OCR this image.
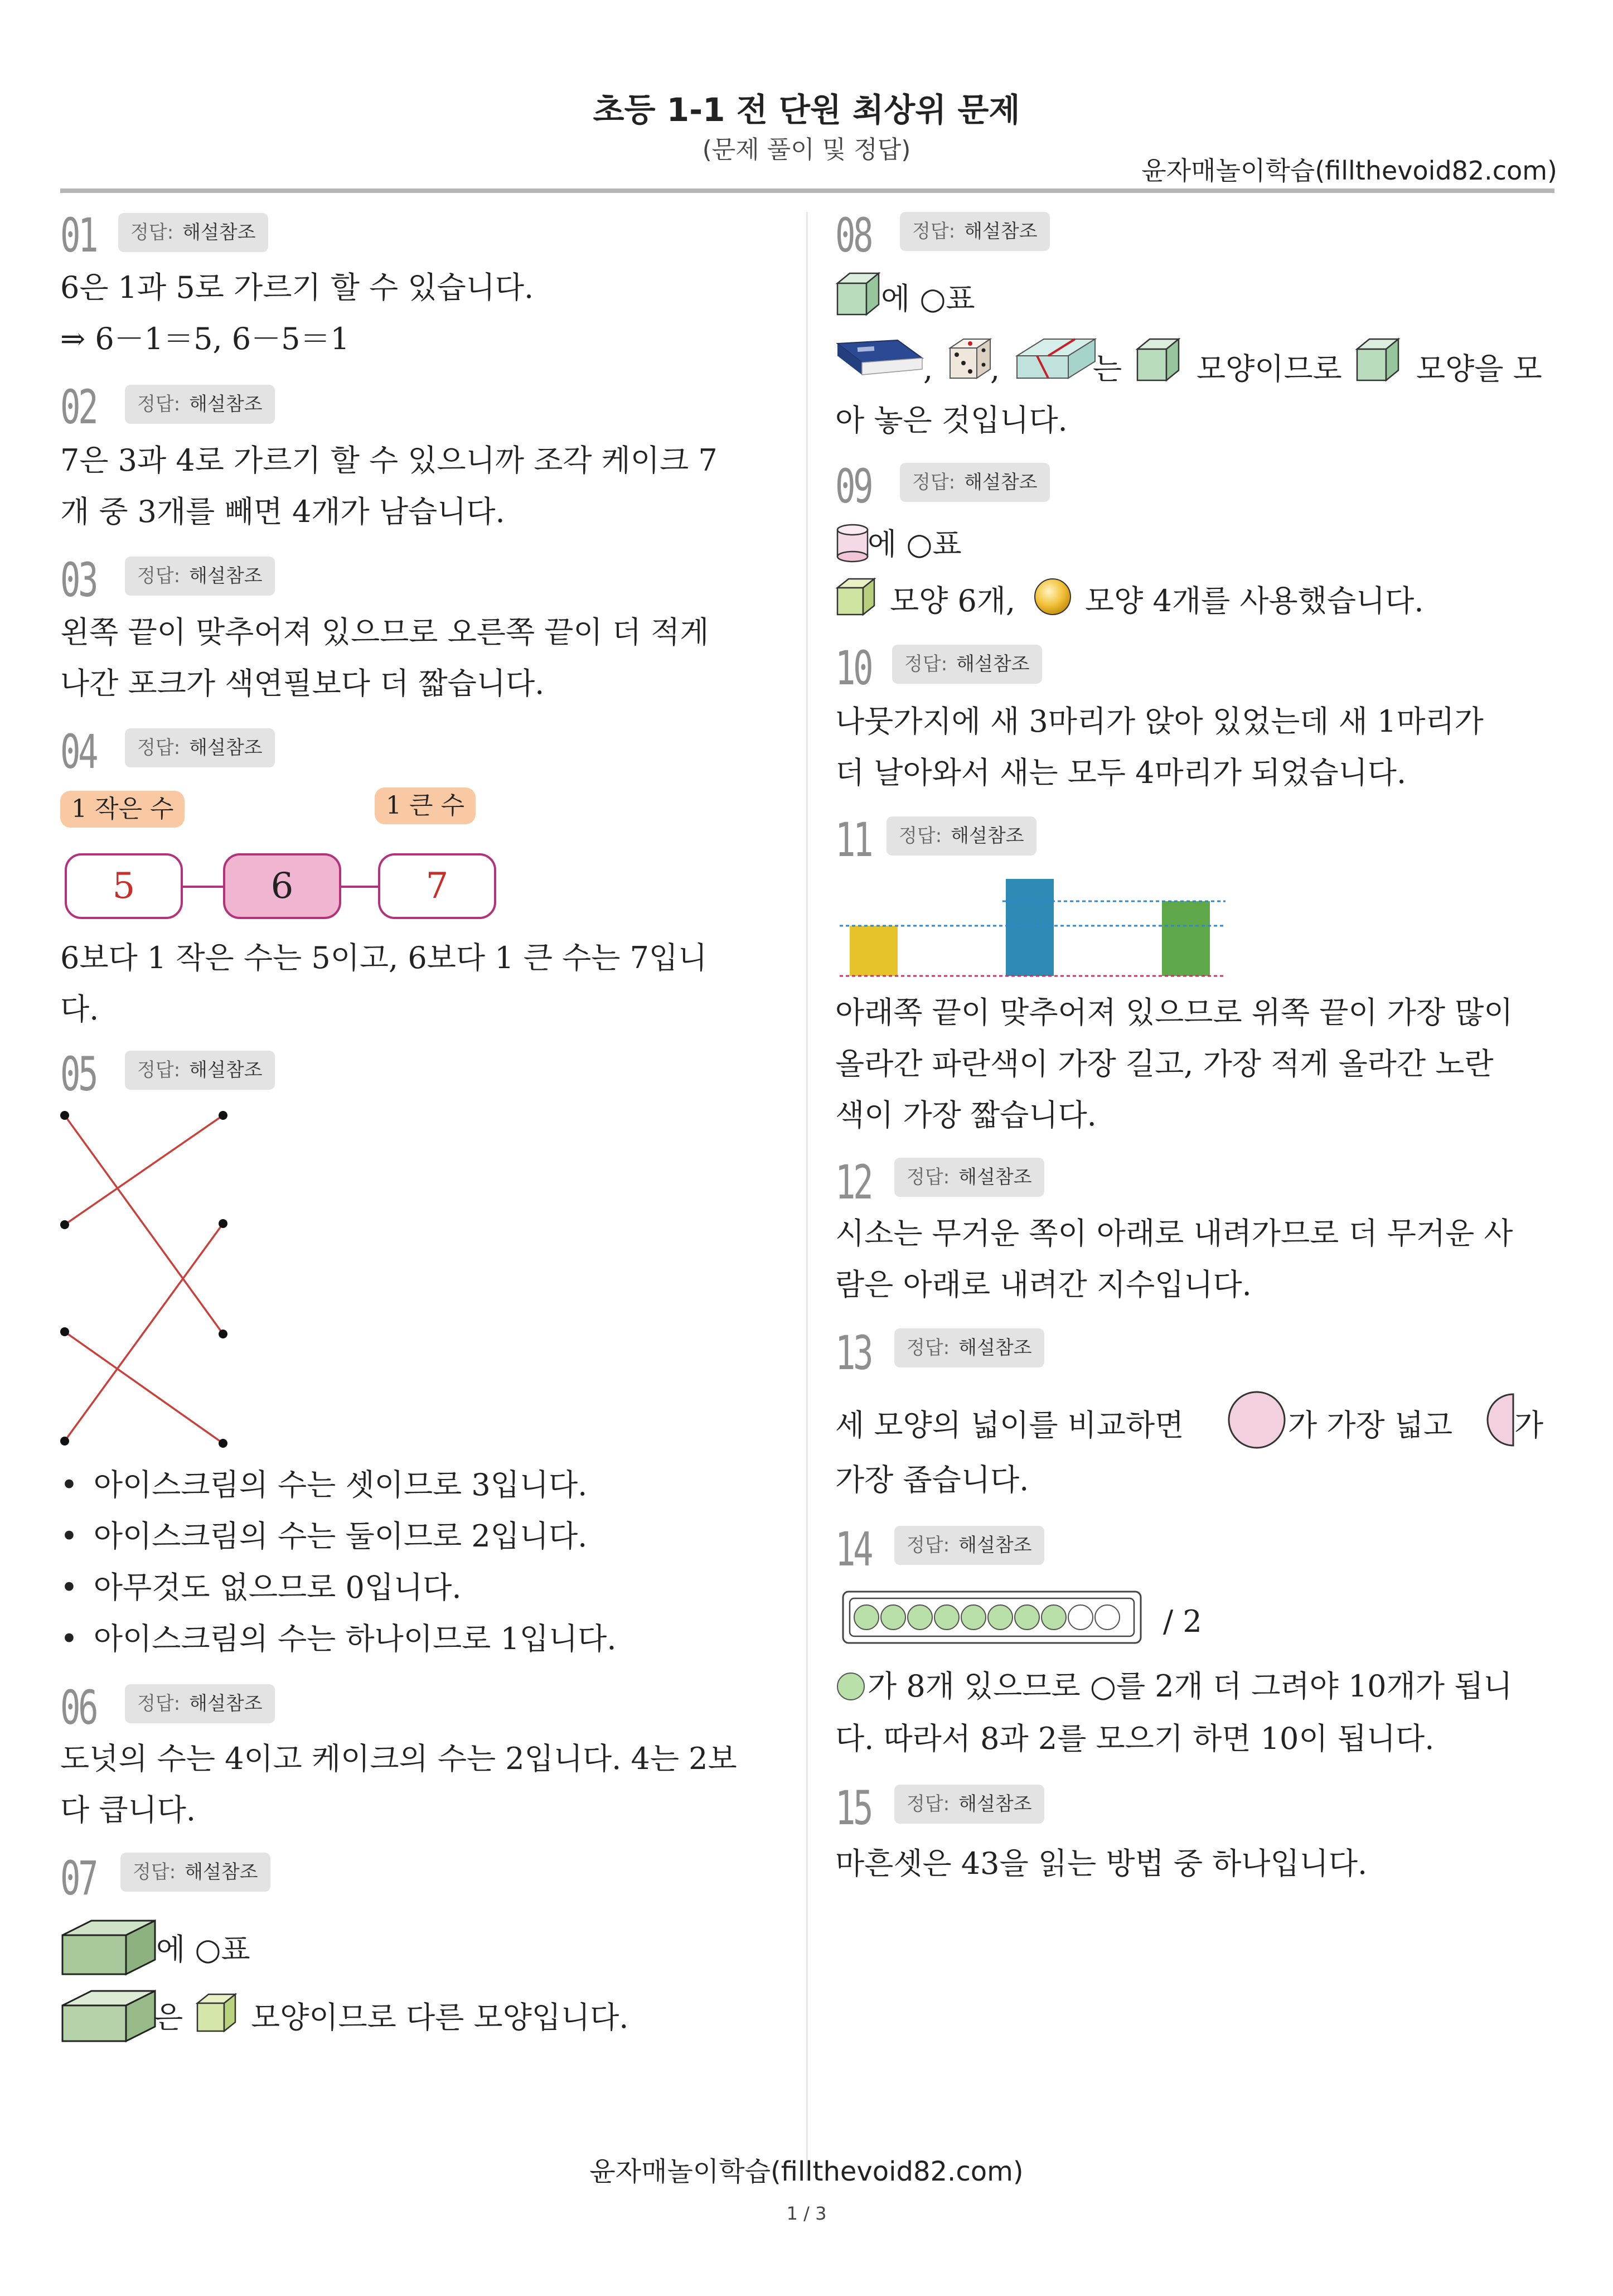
초등 1-1 전 단원 최상위 문제
(문제 풀이 및 정답)
윤자매놀이학습(fillthevoid82.com)
01	정답: 해설참조
6은 1과 5로 가르기 할 수 있습니다.
⇒ 6－1＝5, 6－5＝1
02	정답: 해설참조
7은 3과 4로 가르기 할 수 있으니까 조각 케이크 7
개 중 3개를 빼면 4개가 남습니다.
03	정답: 해설참조
왼쪽 끝이 맞추어져 있으므로 오른쪽 끝이 더 적게
나간 포크가 색연필보다 더 짧습니다.
04	정답: 해설참조
1 작은 수	1 큰 수
5	6	7
6보다 1 작은 수는 5이고, 6보다 1 큰 수는 7입니
다.
05	정답: 해설참조
• 아이스크림의 수는 셋이므로 3입니다.
• 아이스크림의 수는 둘이므로 2입니다.
• 아무것도 없으므로 0입니다.
• 아이스크림의 수는 하나이므로 1입니다.
06	정답: 해설참조
도넛의 수는 4이고 케이크의 수는 2입니다. 4는 2보
다 큽니다.
07	정답: 해설참조
에 ○표
은 모양이므로 다른 모양입니다.
08	정답: 해설참조
에 ○표
, ,	는 모양이므로 모양을 모
아 놓은 것입니다.
09	정답: 해설참조
에 ○표
모양 6개, 모양 4개를 사용했습니다.
10	정답: 해설참조
나뭇가지에 새 3마리가 앉아 있었는데 새 1마리가
더 날아와서 새는 모두 4마리가 되었습니다.
11	정답: 해설참조
아래쪽 끝이 맞추어져 있으므로 위쪽 끝이 가장 많이
올라간 파란색이 가장 길고, 가장 적게 올라간 노란
색이 가장 짧습니다.
12	정답: 해설참조
시소는 무거운 쪽이 아래로 내려가므로 더 무거운 사
람은 아래로 내려간 지수입니다.
13	정답: 해설참조
세 모양의 넓이를 비교하면	가 가장 넓고 가
가장 좁습니다.
14	정답: 해설참조
/ 2
가 8개 있으므로 ○를 2개 더 그려야 10개가 됩니
다. 따라서 8과 2를 모으기 하면 10이 됩니다.
15	정답: 해설참조
마흔셋은 43을 읽는 방법 중 하나입니다.
윤자매놀이학습(fillthevoid82.com)
1 / 3
